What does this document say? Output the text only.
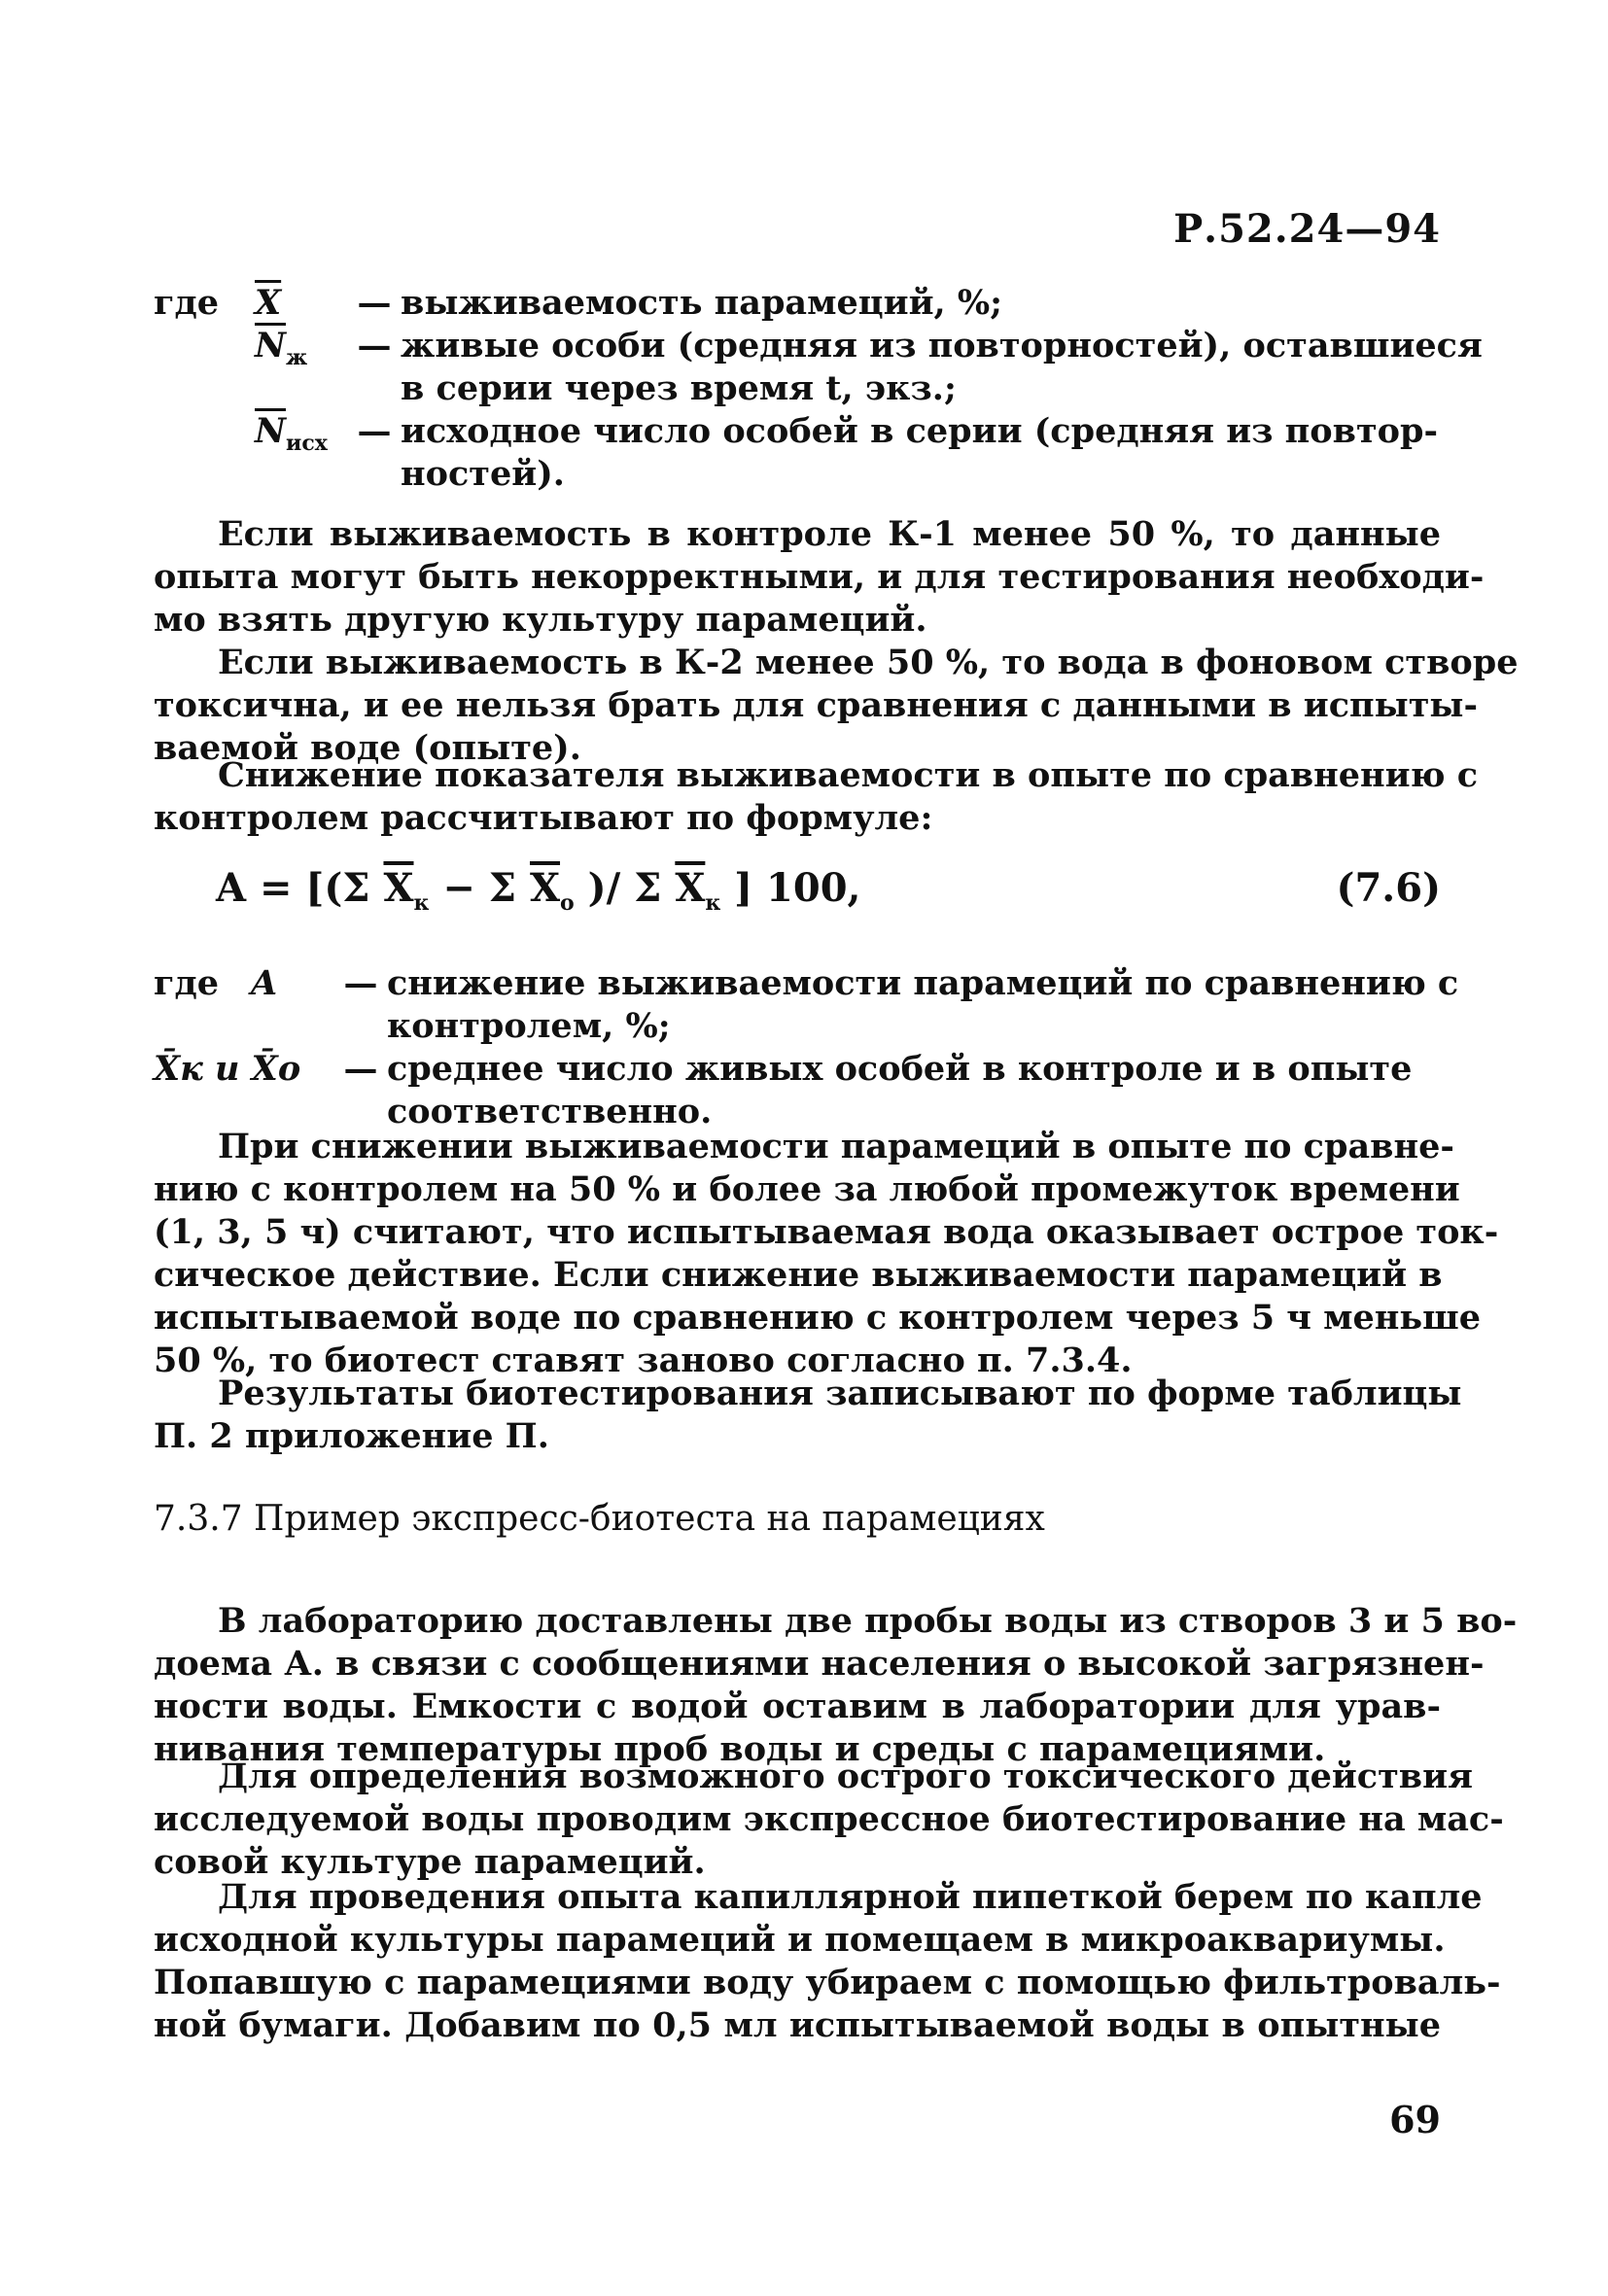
Р.52.24—94
где	$\overline{X}$	— выживаемость парамеций, %;
$\overline{N}_ж$	— живые особи (средняя из повторностей), оставшиеся
в серии через время t, экз.;
$\overline{N}_{исх}$ — исходное число особей в серии (средняя из повтор-
ностей).
Если выживаемость в контроле К-1 менее 50 %, то данные
опыта могут быть некорректными, и для тестирования необходи-
мо взять другую культуру парамеций.
Если выживаемость в К-2 менее 50 %, то вода в фоновом створе
токсична, и ее нельзя брать для сравнения с данными в испыты-
ваемой воде (опыте).
Снижение показателя выживаемости в опыте по сравнению с
контролем рассчитывают по формуле:
A = [(Σ $\overline{X}_к - \Sigma$ $\overline{X}_о$ )/ Σ $\overline{X}_к$ ] 100,	(7.6)
где A	— снижение выживаемости парамеций по сравнению с
контролем, %;
X̄к и X̄о	— среднее число живых особей в контроле и в опыте
соответственно.
При снижении выживаемости парамеций в опыте по сравне-
нию с контролем на 50 % и более за любой промежуток времени
(1, 3, 5 ч) считают, что испытываемая вода оказывает острое ток-
сическое действие. Если снижение выживаемости парамеций в
испытываемой воде по сравнению с контролем через 5 ч меньше
50 %, то биотест ставят заново согласно п. 7.3.4.
Результаты биотестирования записывают по форме таблицы
П. 2 приложение П.
7.3.7 Пример экспресс-биотеста на парамециях
В лабораторию доставлены две пробы воды из створов 3 и 5 во-
доема А. в связи с сообщениями населения о высокой загрязнен-
ности воды. Емкости с водой оставим в лаборатории для урав-
нивания температуры проб воды и среды с парамециями.
Для определения возможного острого токсического действия
исследуемой воды проводим экспрессное биотестирование на мас-
совой культуре парамеций.
Для проведения опыта капиллярной пипеткой берем по капле
исходной культуры парамеций и помещаем в микроаквариумы.
Попавшую с парамециями воду убираем с помощью фильтроваль-
ной бумаги. Добавим по 0,5 мл испытываемой воды в опытные
69
